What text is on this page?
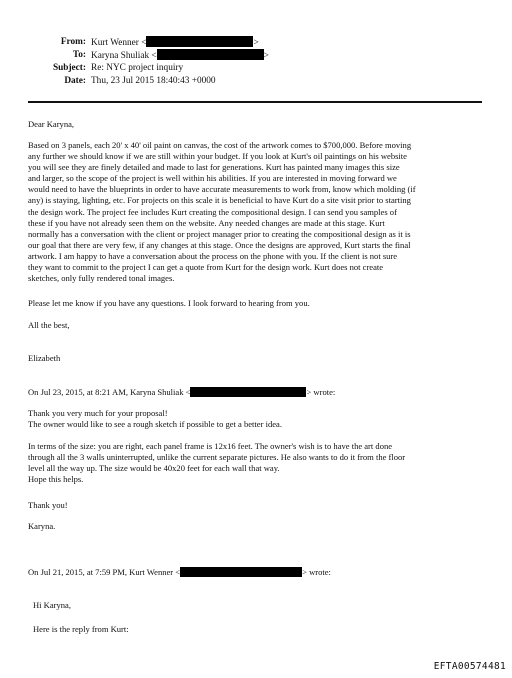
From: Kurt Wenner <	>
To: Karyna Shuliak <	>
Subject: Re: NYC project inquiry
Date: Thu, 23 Jul 2015 18:40:43 +0000
Dear Karyna,
Based on 3 panels, each 20' x 40' oil paint on canvas, the cost of the artwork comes to $700,000. Before moving
any further we should know if we are still within your budget. If you look at Kurt's oil paintings on his website
you will see they are finely detailed and made to last for generations. Kurt has painted many images this size
and larger, so the scope of the project is well within his abilities. If you are interested in moving forward we
would need to have the blueprints in order to have accurate measurements to work from, know which molding (if
any) is staying, lighting, etc. For projects on this scale it is beneficial to have Kurt do a site visit prior to starting
the design work. The project fee includes Kurt creating the compositional design. I can send you samples of
these if you have not already seen them on the website. Any needed changes are made at this stage. Kurt
normally has a conversation with the client or project manager prior to creating the compositional design as it is
our goal that there are very few, if any changes at this stage. Once the designs are approved, Kurt starts the final
artwork. I am happy to have a conversation about the process on the phone with you. If the client is not sure
they want to commit to the project I can get a quote from Kurt for the design work. Kurt does not create
sketches, only fully rendered tonal images.
Please let me know if you have any questions. I look forward to hearing from you.
All the best,
Elizabeth
On Jul 23, 2015, at 8:21 AM, Karyna Shuliak <	> wrote:
Thank you very much for your proposal!
The owner would like to see a rough sketch if possible to get a better idea.
In terms of the size: you are right, each panel frame is 12x16 feet. The owner's wish is to have the art done
through all the 3 walls uninterrupted, unlike the current separate pictures. He also wants to do it from the floor
level all the way up. The size would be 40x20 feet for each wall that way.
Hope this helps.
Thank you!
Karyna.
On Jul 21, 2015, at 7:59 PM, Kurt Wenner <	> wrote:
Hi Karyna,
Here is the reply from Kurt:
EFTA00574481
